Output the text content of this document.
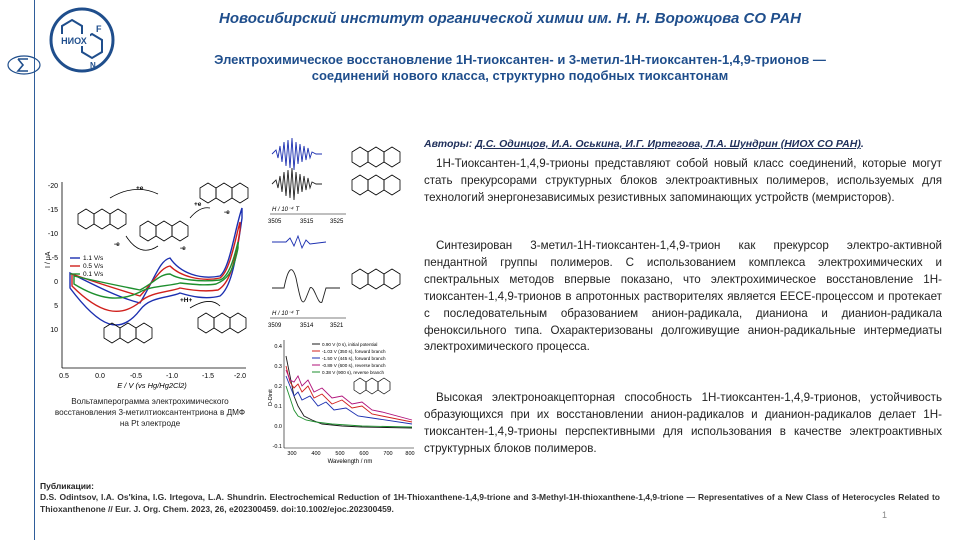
НИОХ
F
N
Новосибирский институт органической химии им. Н. Н. Ворожцова СО РАН
Электрохимическое восстановление 1H-тиоксантен- и 3-метил-1H-тиоксантен-1,4,9-трионов —
соединений нового класса, структурно подобных тиоксантонам
Авторы: Д.С. Одинцов, И.А. Оськина, И.Г. Иртегова, Л.А. Шундрин (НИОХ СО РАН).

1H-Тиоксантен-1,4,9-трионы представляют собой новый класс соединений, которые могут стать прекурсорами структурных блоков электроактивных полимеров, используемых для технологий энергонезависимых резистивных запоминающих устройств (мемристоров).

Синтезирован 3-метил-1H-тиоксантен-1,4,9-трион как прекурсор электро-активной пендантной группы полимеров. С использованием комплекса электрохимических и спектральных методов впервые показано, что электрохимическое восстановление 1H-тиоксантен-1,4,9-трионов в апротонных растворителях является EECE-процессом и протекает с последовательным образованием анион-радикала, дианиона и дианион-радикала феноксильного типа. Охарактеризованы долгоживущие анион-радикальные интермедиаты электрохимического процесса.

Высокая электроноакцепторная способность 1H-тиоксантен-1,4,9-трионов, устойчивость образующихся при их восстановлении анион-радикалов и дианион-радикалов делает 1H-тиоксантен-1,4,9-трионы перспективными для использования в качестве электроактивных структурных блоков полимеров.

-20
-15
-10
-5
0
5
10
0.5	0.0	-0.5	-1.0	-1.5	-2.0
I / μA
E / V (vs Hg/Hg2Cl2)
1.1 V/s
0.5 V/s
0.1 V/s
+e
-e
+e
-e
+H+
-e
Вольтамперограмма электрохимического восстановления 3-метилтиоксантентриона в ДМФ на Pt электроде
H / 10⁻⁴ T
3505	3515	3525
H / 10⁻⁴ T
3509	3514	3521
-0.1
0.0
0.1
0.2
0.3
0.4
300	400	500	600	700 800
D-Dinit
Wavelength / nm
0.90 V (0 s), initial potential
-1.03 V (350 s), forward branch
-1.50 V (445 s), forward branch
-0.89 V (600 s), reverse branch
0.38 V (900 s), reverse branch
Публикации:
D.S. Odintsov, I.A. Os'kina, I.G. Irtegova, L.A. Shundrin. Electrochemical Reduction of 1H-Thioxanthene-1,4,9-trione and 3-Methyl-1H-thioxanthene-1,4,9-trione — Representatives of a New Class of Heterocycles Related to Thioxanthenone // Eur. J. Org. Chem. 2023, 26, e202300459. doi:10.1002/ejoc.202300459.
1
